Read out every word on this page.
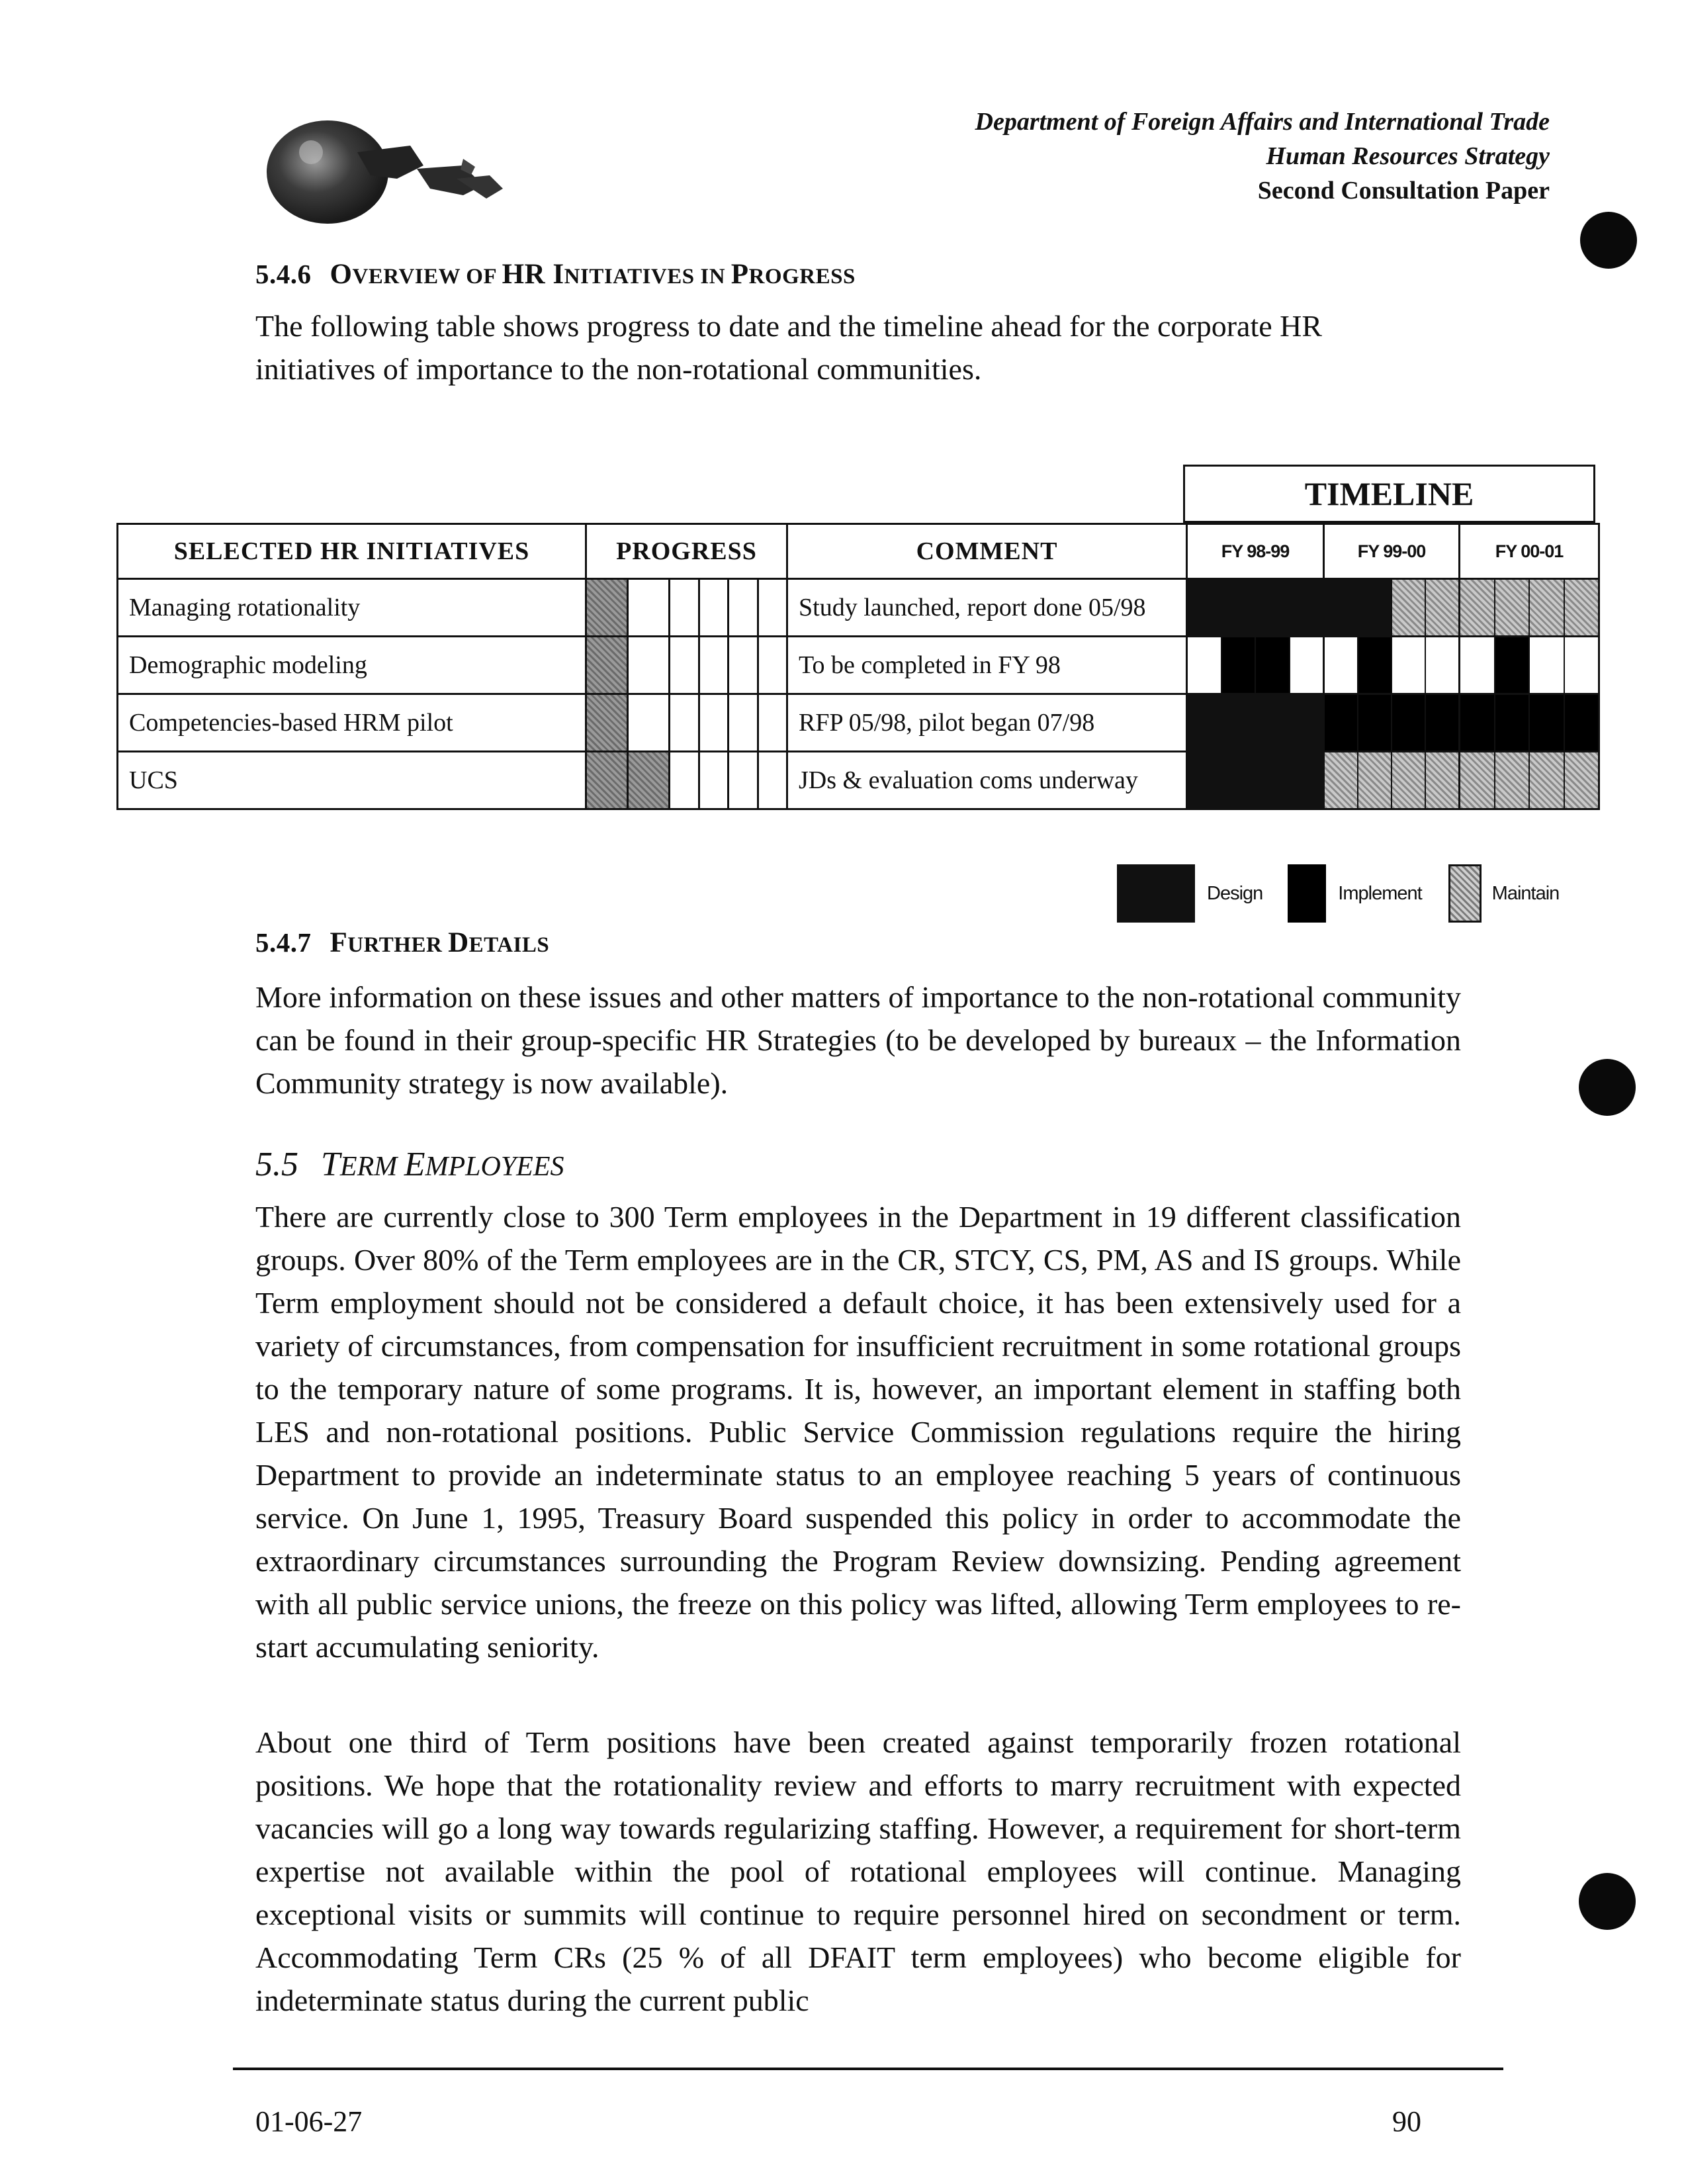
Department of Foreign Affairs and International Trade
Human Resources Strategy
Second Consultation Paper
5.4.6 OVERVIEW OF HR INITIATIVES IN PROGRESS
The following table shows progress to date and the timeline ahead for the corporate HR initiatives of importance to the non-rotational communities.
TIMELINE
SELECTED HR INITIATIVES	PROGRESS	COMMENT	FY 98-99	FY 99-00	FY 00-01
Managing rotationality		Study launched, report done 05/98	

Demographic modeling		To be completed in FY 98	

Competencies-based HRM pilot		RFP 05/98, pilot began 07/98	

UCS		JDs & evaluation coms underway	

Design	Implement	Maintain
5.4.7 FURTHER DETAILS
More information on these issues and other matters of importance to the non-rotational community can be found in their group-specific HR Strategies (to be developed by bureaux – the Information Community strategy is now available).
5.5 TERM EMPLOYEES
There are currently close to 300 Term employees in the Department in 19 different classification groups. Over 80% of the Term employees are in the CR, STCY, CS, PM, AS and IS groups. While Term employment should not be considered a default choice, it has been extensively used for a variety of circumstances, from compensation for insufficient recruitment in some rotational groups to the temporary nature of some programs. It is, however, an important element in staffing both LES and non-rotational positions. Public Service Commission regulations require the hiring Department to provide an indeterminate status to an employee reaching 5 years of continuous service. On June 1, 1995, Treasury Board suspended this policy in order to accommodate the extraordinary circumstances surrounding the Program Review downsizing. Pending agreement with all public service unions, the freeze on this policy was lifted, allowing Term employees to re-start accumulating seniority.
About one third of Term positions have been created against temporarily frozen rotational positions. We hope that the rotationality review and efforts to marry recruitment with expected vacancies will go a long way towards regularizing staffing. However, a requirement for short-term expertise not available within the pool of rotational employees will continue. Managing exceptional visits or summits will continue to require personnel hired on secondment or term. Accommodating Term CRs (25 % of all DFAIT term employees) who become eligible for indeterminate status during the current public
01-06-27	90
